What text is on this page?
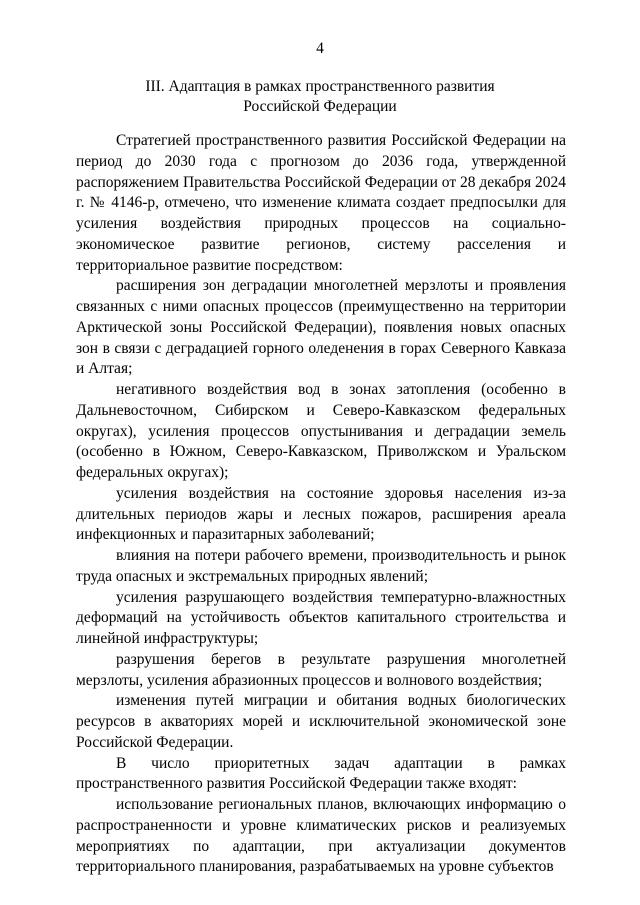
4
III. Адаптация в рамках пространственного развития
Российской Федерации

Стратегией пространственного развития Российской Федерации на период до 2030 года с прогнозом до 2036 года, утвержденной распоряжением Правительства Российской Федерации от 28 декабря 2024 г. № 4146-р, отмечено, что изменение климата создает предпосылки для усиления воздействия природных процессов на социально-экономическое развитие регионов, систему расселения и территориальное развитие посредством:

расширения зон деградации многолетней мерзлоты и проявления связанных с ними опасных процессов (преимущественно на территории Арктической зоны Российской Федерации), появления новых опасных зон в связи с деградацией горного оледенения в горах Северного Кавказа и Алтая;

негативного воздействия вод в зонах затопления (особенно в Дальневосточном, Сибирском и Северо-Кавказском федеральных округах), усиления процессов опустынивания и деградации земель (особенно в Южном, Северо-Кавказском, Приволжском и Уральском федеральных округах);

усиления воздействия на состояние здоровья населения из-за длительных периодов жары и лесных пожаров, расширения ареала инфекционных и паразитарных заболеваний;

влияния на потери рабочего времени, производительность и рынок труда опасных и экстремальных природных явлений;

усиления разрушающего воздействия температурно-влажностных деформаций на устойчивость объектов капитального строительства и линейной инфраструктуры;

разрушения берегов в результате разрушения многолетней мерзлоты, усиления абразионных процессов и волнового воздействия;

изменения путей миграции и обитания водных биологических ресурсов в акваториях морей и исключительной экономической зоне Российской Федерации.

В число приоритетных задач адаптации в рамках пространственного развития Российской Федерации также входят:

использование региональных планов, включающих информацию о распространенности и уровне климатических рисков и реализуемых мероприятиях по адаптации, при актуализации документов территориального планирования, разрабатываемых на уровне субъектов
